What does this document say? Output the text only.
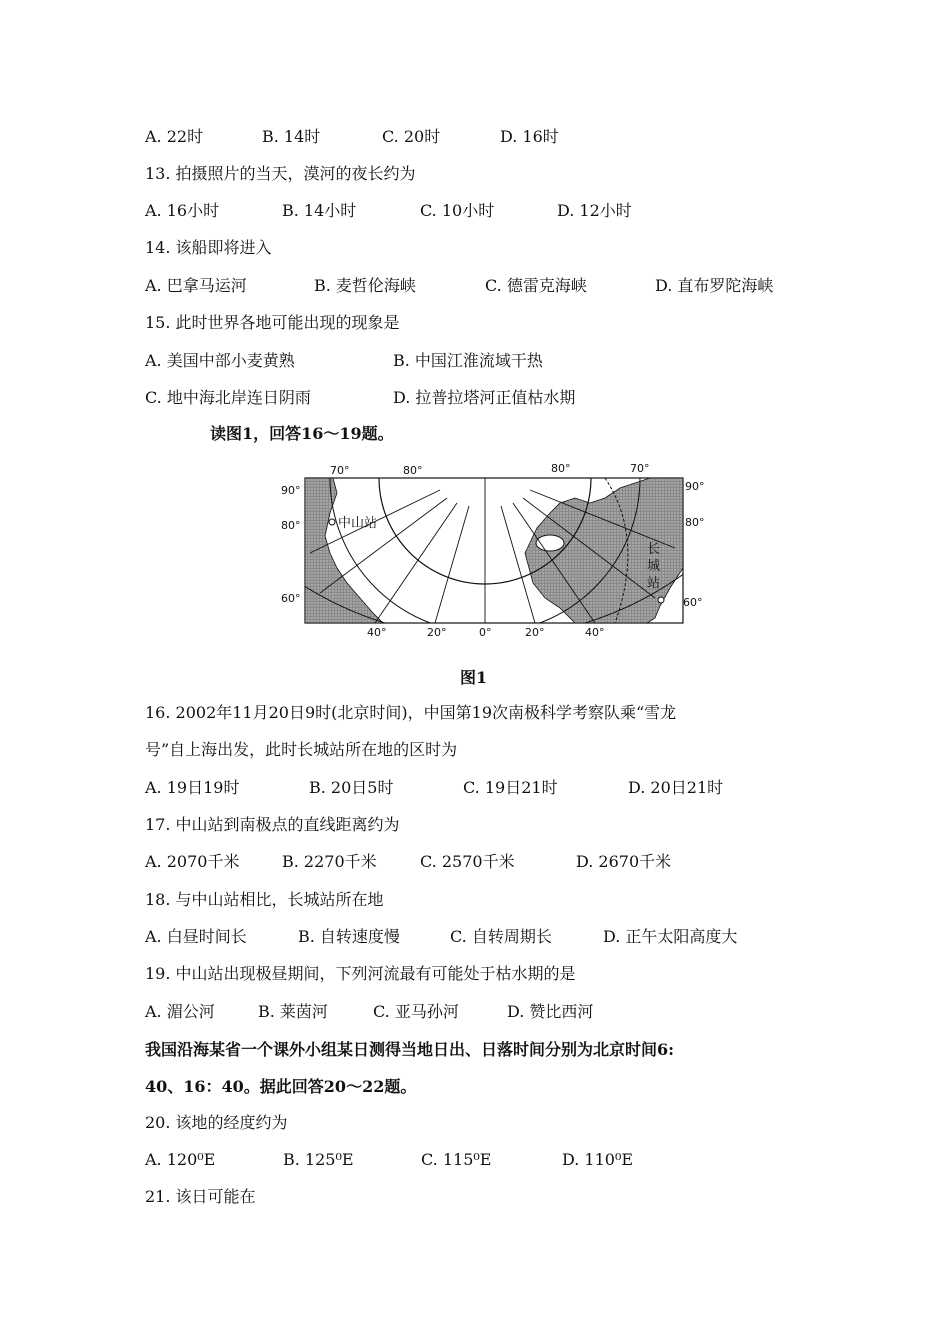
A. 22时	B. 14时	C. 20时	D. 16时
13. 拍摄照片的当天，漠河的夜长约为
A. 16小时	B. 14小时	C. 10小时	D. 12小时
14. 该船即将进入
A. 巴拿马运河	B. 麦哲伦海峡	C. 德雷克海峡	D. 直布罗陀海峡
15. 此时世界各地可能出现的现象是
A. 美国中部小麦黄熟	B. 中国江淮流域干热
C. 地中海北岸连日阴雨	D. 拉普拉塔河正值枯水期
读图1，回答16～19题。
中山站
长
城
站
70°	80°	80°	70°
90°
80°
60°
90°
80°
60°
40°	20°	0°	20°	40°
图1
16. 2002年11月20日9时(北京时间)，中国第19次南极科学考察队乘“雪龙
号”自上海出发，此时长城站所在地的区时为
A. 19日19时	B. 20日5时	C. 19日21时	D. 20日21时
17. 中山站到南极点的直线距离约为
A. 2070千米	B. 2270千米	C. 2570千米	D. 2670千米
18. 与中山站相比，长城站所在地
A. 白昼时间长	B. 自转速度慢	C. 自转周期长	D. 正午太阳高度大
19. 中山站出现极昼期间，下列河流最有可能处于枯水期的是
A. 湄公河	B. 莱茵河	C. 亚马孙河	D. 赞比西河
我国沿海某省一个课外小组某日测得当地日出、日落时间分别为北京时间6:
40、16：40。据此回答20～22题。
20. 该地的经度约为
A. 120⁰E	B. 125⁰E	C. 115⁰E	D. 110⁰E
21. 该日可能在
